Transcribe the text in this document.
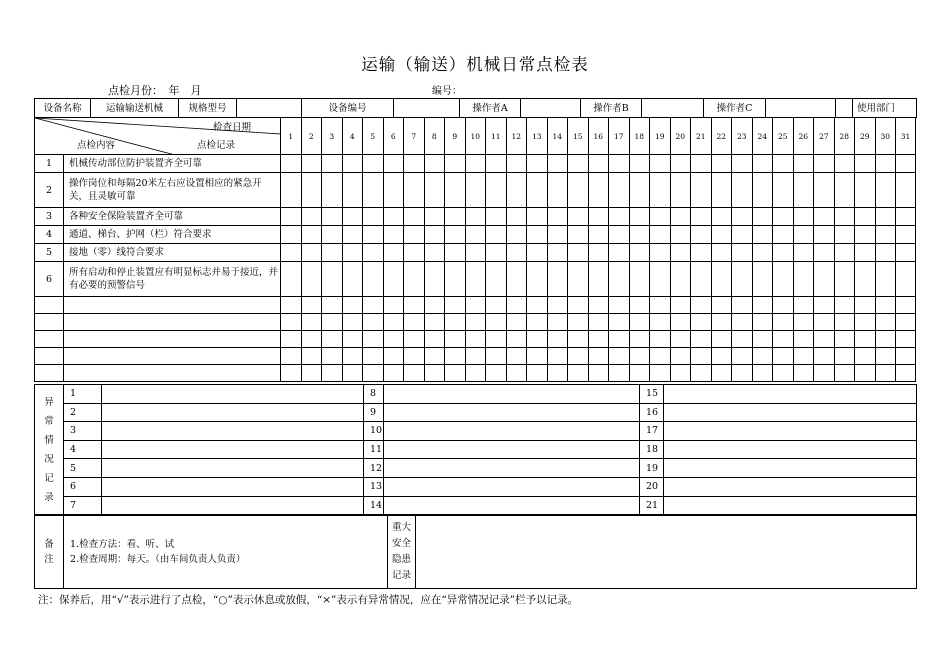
运输（输送）机械日常点检表
点检月份：　年　月	编号：
设备名称	运输输送机械	规格型号		设备编号		操作者A		操作者B		操作者C		使用部门
检查日期
点检内容 点检记录		1	2	3	4	5	6	7	8	9	10	11	12	13	14	15	16	17	18	19	20	21	22	23	24	25	26	27	28	29	30	31
1	机械传动部位防护装置齐全可靠																															
2	操作岗位和每隔20米左右应设置相应的紧急开关，且灵敏可靠																															
3	各种安全保险装置齐全可靠																															
4	通道、梯台、护网（栏）符合要求																															
5	接地（零）线符合要求																															
6	所有启动和停止装置应有明显标志并易于接近，并有必要的预警信号																															

异常情况记录	1		8		15	
	2		9		16	
	3		10		17	
	4		11		18	
	5		12		19	
	6		13		20	
	7		14		21	
备注	
1.检查方法：看、听、试
2.检查周期：每天。（由车间负责人负责）
	重大安全隐患记录	
注：保养后，用“√”表示进行了点检，“○”表示休息或放假，“×”表示有异常情况，应在“异常情况记录”栏予以记录。
